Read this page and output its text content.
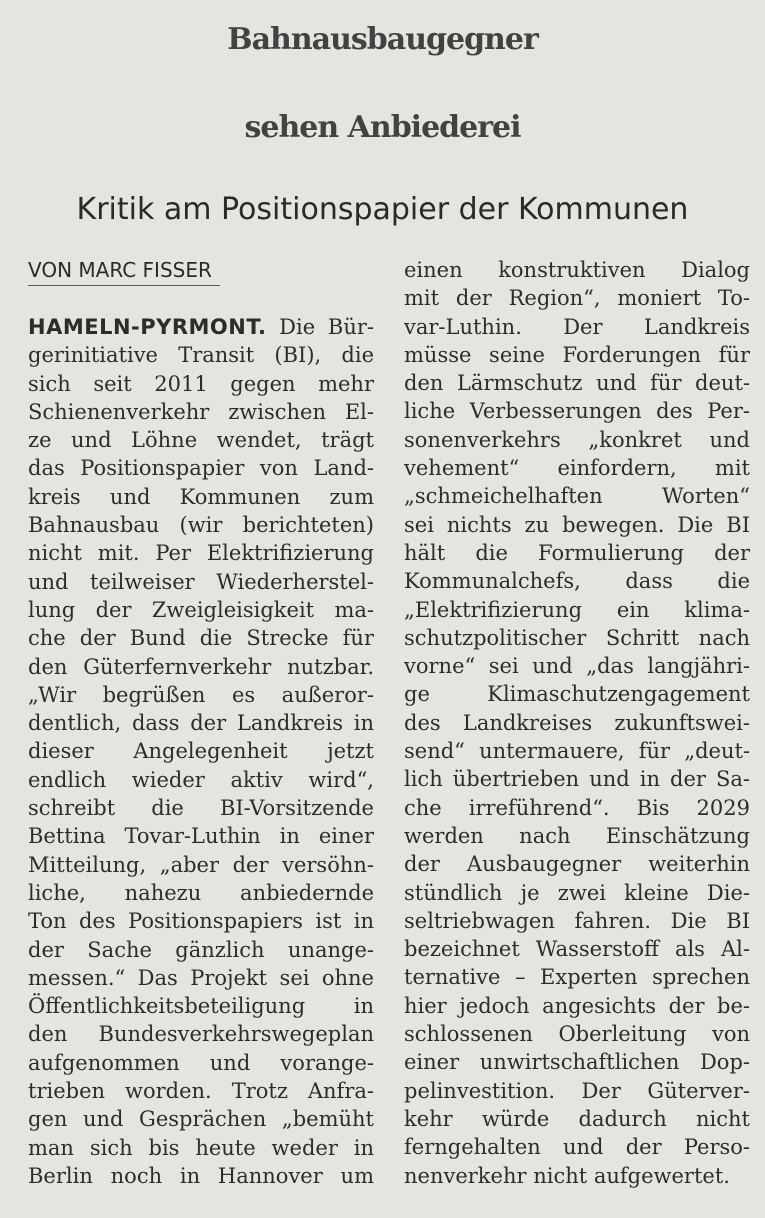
Bahnausbaugegner
sehen Anbiederei
Kritik am Positionspapier der Kommunen
VON MARC FISSER
HAMELN-PYRMONT. Die Bür-
gerinitiative Transit (BI), die
sich seit 2011 gegen mehr
Schienenverkehr zwischen El-
ze und Löhne wendet, trägt
das Positionspapier von Land-
kreis und Kommunen zum
Bahnausbau (wir berichteten)
nicht mit. Per Elektrifizierung
und teilweiser Wiederherstel-
lung der Zweigleisigkeit ma-
che der Bund die Strecke für
den Güterfernverkehr nutzbar.
„Wir begrüßen es außeror-
dentlich, dass der Landkreis in
dieser Angelegenheit jetzt
endlich wieder aktiv wird“,
schreibt die BI-Vorsitzende
Bettina Tovar-Luthin in einer
Mitteilung, „aber der versöhn-
liche, nahezu anbiedernde
Ton des Positionspapiers ist in
der Sache gänzlich unange-
messen.“ Das Projekt sei ohne
Öffentlichkeitsbeteiligung in
den Bundesverkehrswegeplan
aufgenommen und vorange-
trieben worden. Trotz Anfra-
gen und Gesprächen „bemüht
man sich bis heute weder in
Berlin noch in Hannover um
einen konstruktiven Dialog
mit der Region“, moniert To-
var-Luthin. Der Landkreis
müsse seine Forderungen für
den Lärmschutz und für deut-
liche Verbesserungen des Per-
sonenverkehrs „konkret und
vehement“ einfordern, mit
„schmeichelhaften Worten“
sei nichts zu bewegen. Die BI
hält die Formulierung der
Kommunalchefs, dass die
„Elektrifizierung ein klima-
schutzpolitischer Schritt nach
vorne“ sei und „das langjähri-
ge Klimaschutzengagement
des Landkreises zukunftswei-
send“ untermauere, für „deut-
lich übertrieben und in der Sa-
che irreführend“. Bis 2029
werden nach Einschätzung
der Ausbaugegner weiterhin
stündlich je zwei kleine Die-
seltriebwagen fahren. Die BI
bezeichnet Wasserstoff als Al-
ternative – Experten sprechen
hier jedoch angesichts der be-
schlossenen Oberleitung von
einer unwirtschaftlichen Dop-
pelinvestition. Der Güterver-
kehr würde dadurch nicht
ferngehalten und der Perso-
nenverkehr nicht aufgewertet.
